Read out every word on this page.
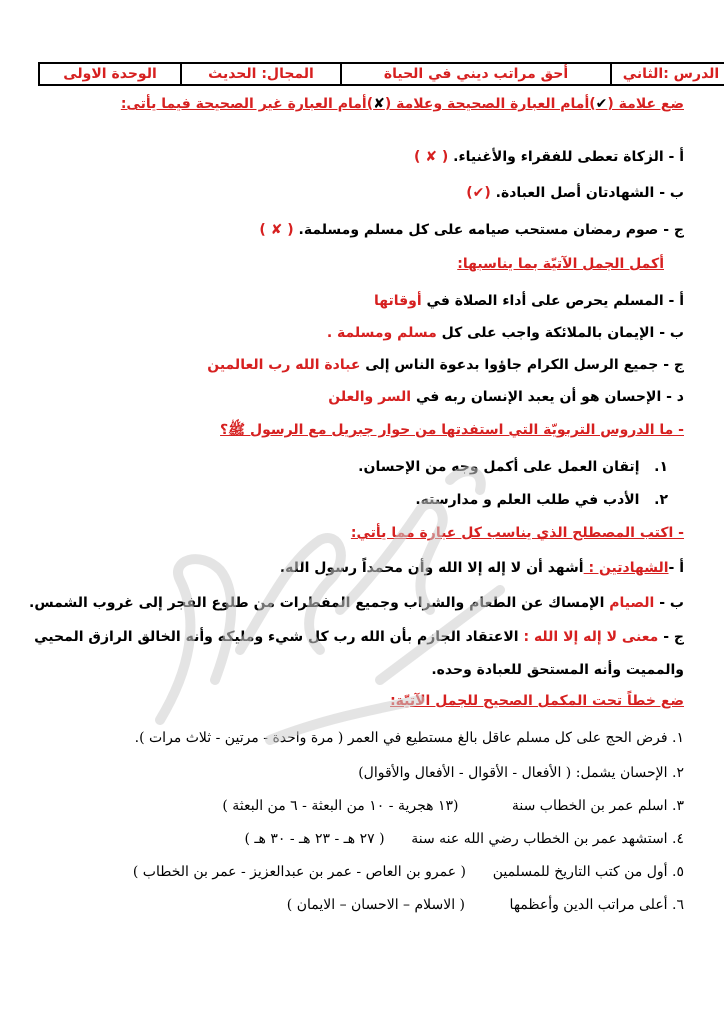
الدرس :الثاني	أحق مراتب ديني في الحياة	المجال: الحديث	الوحدة الاولى
ضع علامة (✔)أمام العبارة الصحيحة وعلامة (✘)أمام العبارة غير الصحيحة فيما يأتى:
أ - الزكاة تعطى للفقراء والأغنياء. ( ✘ )
ب - الشهادتان أصل العبادة. (✔)
ج - صوم رمضان مستحب صيامه على كل مسلم ومسلمة. ( ✘ )
أكمل الجمل الآتيّة بما يناسبها:
أ - المسلم يحرص على أداء الصلاة في أوقاتها
ب - الإيمان بالملائكة واجب على كل مسلم ومسلمة .
ج - جميع الرسل الكرام جاؤوا بدعوة الناس إلى عبادة الله رب العالمين
د - الإحسان هو أن يعبد الإنسان ربه في السر والعلن
- ما الدروس التربويّة التي استفدتها من حوار جبريل مع الرسول ﷺ؟
١.   إتقان العمل على أكمل وجه من الإحسان.
٢.   الأدب في طلب العلم و مدارسته.
- اكتب المصطلح الذي يناسب كل عبارة مما يأتي:
أ -الشهادتين : أشهد أن لا إله إلا الله وأن محمداً رسول الله.
ب - الصيام الإمساك عن الطعام والشراب وجميع المفطرات من طلوع الفجر إلى غروب الشمس.
ج - معنى لا إله إلا الله : الاعتقاد الجازم بأن الله رب كل شيء ومليكه وأنه الخالق الرازق المحيي
والمميت وأنه المستحق للعبادة وحده.
ضع خطاً تحت المكمل الصحيح للجمل الآتيّة:
١. فرض الحج على كل مسلم عاقل بالغ مستطيع في العمر ( مرة واحدة - مرتين - ثلاث مرات ).
٢. الإحسان يشمل: ( الأفعال - الأقوال - الأفعال والأقوال)
٣. اسلم عمر بن الخطاب سنة            (١٣ هجرية - ١٠ من البعثة - ٦ من البعثة )
٤. استشهد عمر بن الخطاب رضي الله عنه سنة      ( ٢٧ هـ - ٢٣ هـ - ٣٠ هـ )
٥. أول من كتب التاريخ للمسلمين      ( عمرو بن العاص - عمر بن عبدالعزيز - عمر بن الخطاب )
٦. أعلى مراتب الدين وأعظمها          ( الاسلام – الاحسان – الايمان )
